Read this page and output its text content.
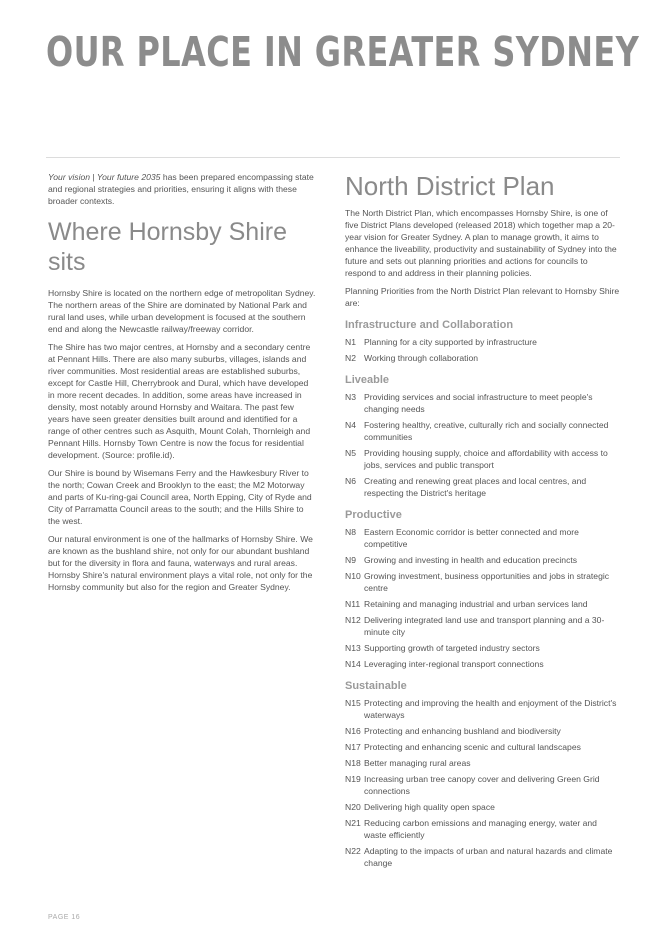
OUR PLACE IN GREATER SYDNEY

Your vision | Your future 2035 has been prepared encompassing state and regional strategies and priorities, ensuring it aligns with these broader contexts.

Where Hornsby Shire sits

Hornsby Shire is located on the northern edge of metropolitan Sydney. The northern areas of the Shire are dominated by National Park and rural land uses, while urban development is focused at the southern end and along the Newcastle railway/freeway corridor.

The Shire has two major centres, at Hornsby and a secondary centre at Pennant Hills. There are also many suburbs, villages, islands and river communities. Most residential areas are established suburbs, except for Castle Hill, Cherrybrook and Dural, which have developed in more recent decades. In addition, some areas have increased in density, most notably around Hornsby and Waitara. The past few years have seen greater densities built around and identified for a range of other centres such as Asquith, Mount Colah, Thornleigh and Pennant Hills. Hornsby Town Centre is now the focus for residential development. (Source: profile.id).

Our Shire is bound by Wisemans Ferry and the Hawkesbury River to the north; Cowan Creek and Brooklyn to the east; the M2 Motorway and parts of Ku-ring-gai Council area, North Epping, City of Ryde and City of Parramatta Council areas to the south; and the Hills Shire to the west.

Our natural environment is one of the hallmarks of Hornsby Shire. We are known as the bushland shire, not only for our abundant bushland but for the diversity in flora and fauna, waterways and rural areas. Hornsby Shire's natural environment plays a vital role, not only for the Hornsby community but also for the region and Greater Sydney.

North District Plan

The North District Plan, which encompasses Hornsby Shire, is one of five District Plans developed (released 2018) which together map a 20-year vision for Greater Sydney. A plan to manage growth, it aims to enhance the liveability, productivity and sustainability of Sydney into the future and sets out planning priorities and actions for councils to respond to and address in their planning policies.

Planning Priorities from the North District Plan relevant to Hornsby Shire are:

Infrastructure and Collaboration
N1 Planning for a city supported by infrastructure
N2 Working through collaboration
Liveable
N3 Providing services and social infrastructure to meet people's changing needs
N4 Fostering healthy, creative, culturally rich and socially connected communities
N5 Providing housing supply, choice and affordability with access to jobs, services and public transport
N6 Creating and renewing great places and local centres, and respecting the District's heritage
Productive
N8 Eastern Economic corridor is better connected and more competitive
N9 Growing and investing in health and education precincts
N10 Growing investment, business opportunities and jobs in strategic centre
N11 Retaining and managing industrial and urban services land
N12 Delivering integrated land use and transport planning and a 30-minute city
N13 Supporting growth of targeted industry sectors
N14 Leveraging inter-regional transport connections
Sustainable
N15 Protecting and improving the health and enjoyment of the District's waterways
N16 Protecting and enhancing bushland and biodiversity
N17 Protecting and enhancing scenic and cultural landscapes
N18 Better managing rural areas
N19 Increasing urban tree canopy cover and delivering Green Grid connections
N20 Delivering high quality open space
N21 Reducing carbon emissions and managing energy, water and waste efficiently
N22 Adapting to the impacts of urban and natural hazards and climate change
PAGE 16
